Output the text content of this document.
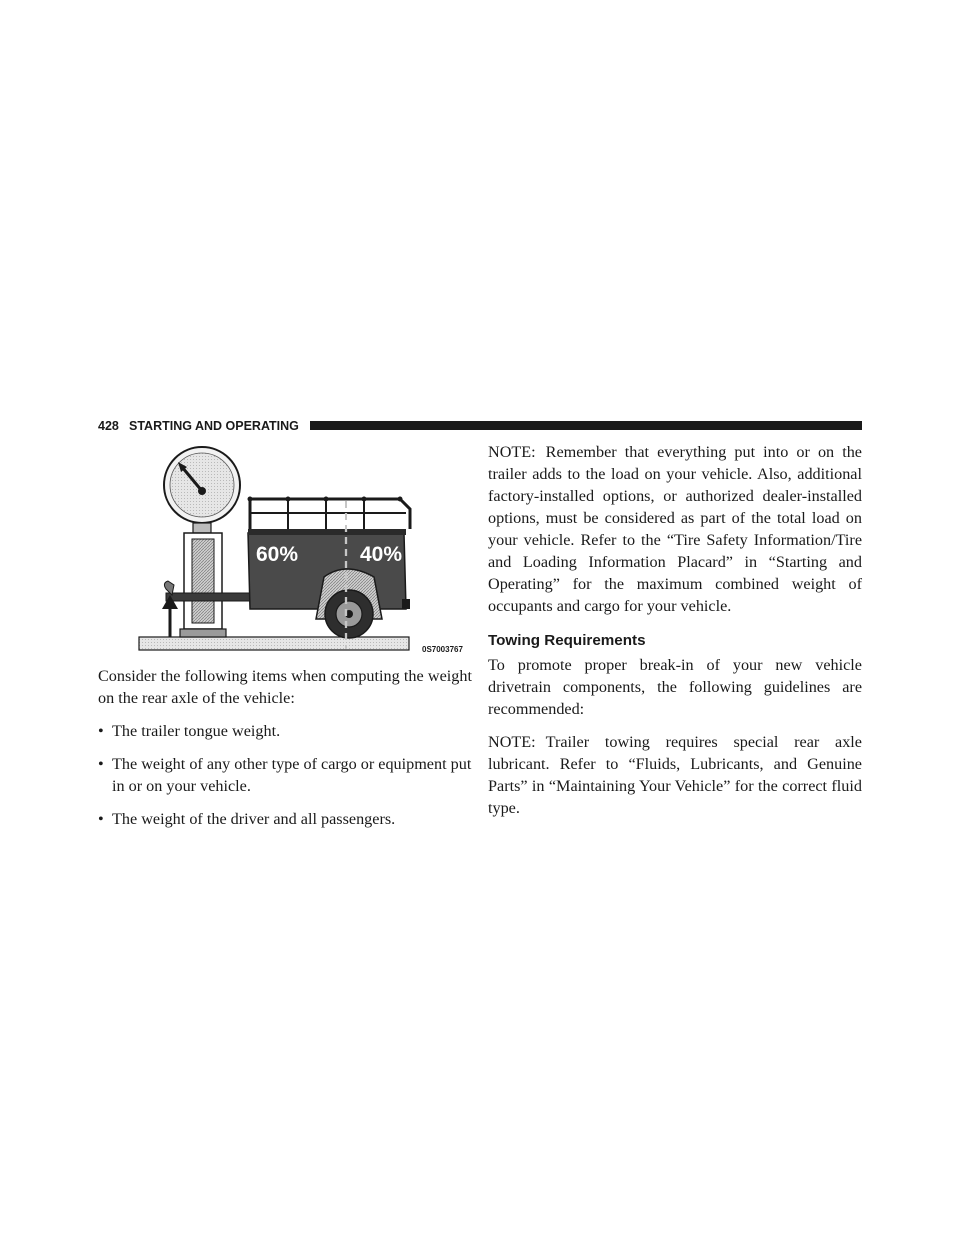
428 STARTING AND OPERATING
60%	40%
0S7003767

Consider the following items when computing the weight on the rear axle of the vehicle:

• The trailer tongue weight.
• The weight of any other type of cargo or equipment put in or on your vehicle.
• The weight of the driver and all passengers.

NOTE: Remember that everything put into or on the trailer adds to the load on your vehicle. Also, additional factory-installed options, or authorized dealer-installed options, must be considered as part of the total load on your vehicle. Refer to the “Tire Safety Information/Tire and Loading Information Placard” in “Starting and Operating” for the maximum combined weight of occupants and cargo for your vehicle.

Towing Requirements

To promote proper break-in of your new vehicle drivetrain components, the following guidelines are recommended:

NOTE: Trailer towing requires special rear axle lubricant. Refer to “Fluids, Lubricants, and Genuine Parts” in “Maintaining Your Vehicle” for the correct fluid type.
